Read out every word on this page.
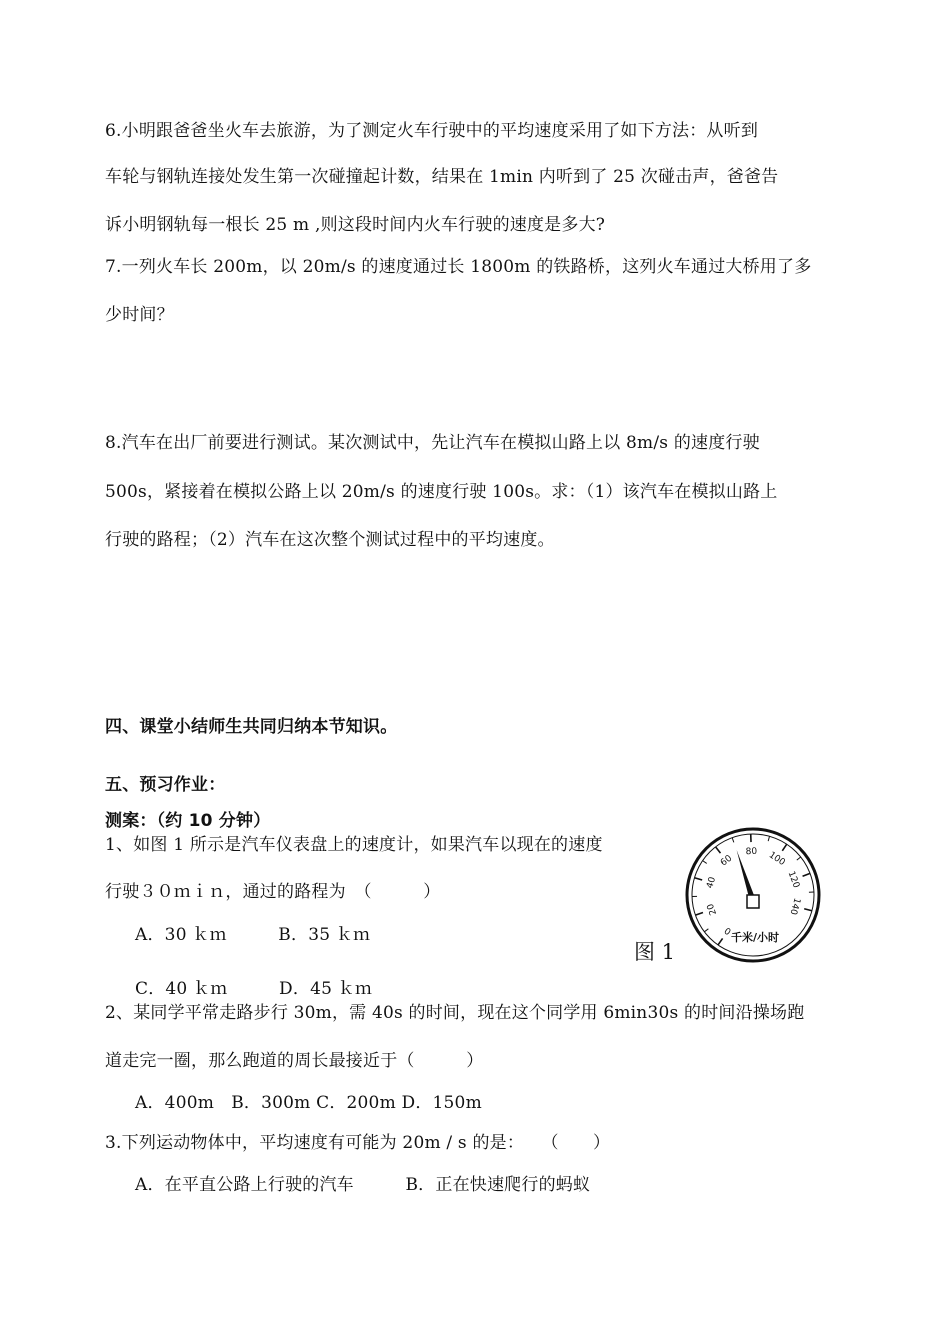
6.小明跟爸爸坐火车去旅游，为了测定火车行驶中的平均速度采用了如下方法：从听到
车轮与钢轨连接处发生第一次碰撞起计数，结果在 1min 内听到了 25 次碰击声，爸爸告
诉小明钢轨每一根长 25 m ,则这段时间内火车行驶的速度是多大?
7.一列火车长 200m，以 20m/s 的速度通过长 1800m 的铁路桥，这列火车通过大桥用了多
少时间？
8.汽车在出厂前要进行测试。某次测试中，先让汽车在模拟山路上以 8m/s 的速度行驶
500s，紧接着在模拟公路上以 20m/s 的速度行驶 100s。求：（1）该汽车在模拟山路上
行驶的路程；（2）汽车在这次整个测试过程中的平均速度。
四、课堂小结师生共同归纳本节知识。
五、预习作业：
测案：（约 10 分钟）
1、如图 1 所示是汽车仪表盘上的速度计，如果汽车以现在的速度
行驶３０ｍｉｎ，通过的路程为　（　　　）
A．30 ｋｍ　　　B．35 ｋｍ
C．40 ｋｍ　　　D．45 ｋｍ
图 1
0
20
40
60
80 100
120
140
千米/小时
2、某同学平常走路步行 30m，需 40s 的时间，现在这个同学用 6min30s 的时间沿操场跑
道走完一圈，那么跑道的周长最接近于（　　　）
A．400m　B．300m C．200m D．150m
3.下列运动物体中，平均速度有可能为 20m / s 的是：　　（　　）
A．在平直公路上行驶的汽车　　　B．正在快速爬行的蚂蚁
